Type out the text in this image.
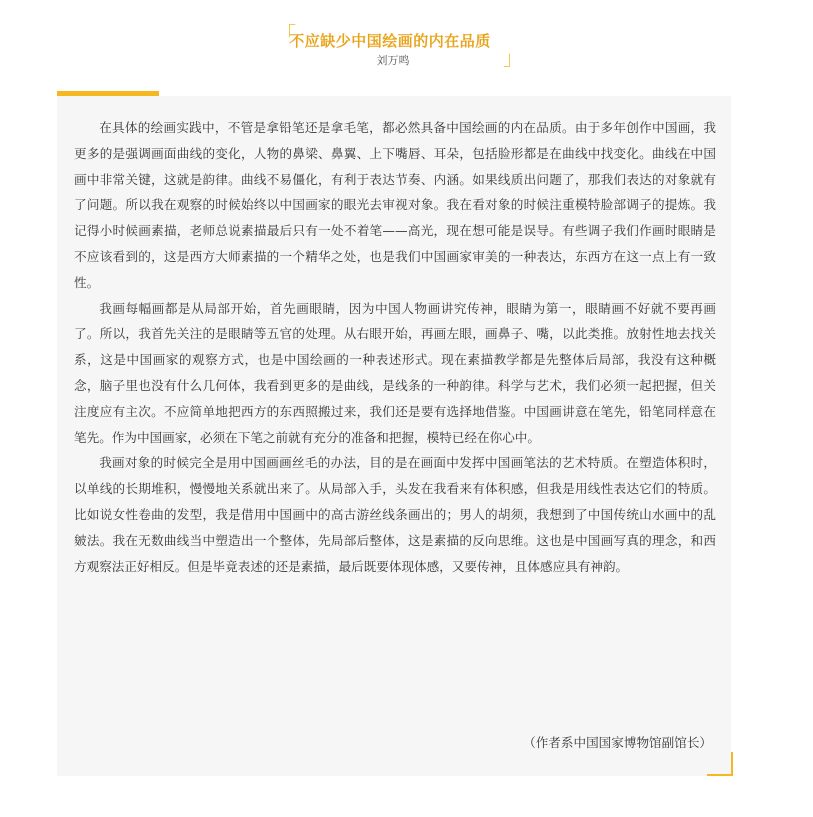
「
不应缺少中国绘画的内在品质
刘万鸣	」

在具体的绘画实践中，不管是拿铅笔还是拿毛笔，都必然具备中国绘画的内在品质。由于多年创作中国画，我更多的是强调画面曲线的变化，人物的鼻梁、鼻翼、上下嘴唇、耳朵，包括脸形都是在曲线中找变化。曲线在中国画中非常关键，这就是韵律。曲线不易僵化，有利于表达节奏、内涵。如果线质出问题了，那我们表达的对象就有了问题。所以我在观察的时候始终以中国画家的眼光去审视对象。我在看对象的时候注重模特脸部调子的提炼。我记得小时候画素描，老师总说素描最后只有一处不着笔——高光，现在想可能是误导。有些调子我们作画时眼睛是不应该看到的，这是西方大师素描的一个精华之处，也是我们中国画家审美的一种表达，东西方在这一点上有一致性。

我画每幅画都是从局部开始，首先画眼睛，因为中国人物画讲究传神，眼睛为第一，眼睛画不好就不要再画了。所以，我首先关注的是眼睛等五官的处理。从右眼开始，再画左眼，画鼻子、嘴，以此类推。放射性地去找关系，这是中国画家的观察方式，也是中国绘画的一种表述形式。现在素描教学都是先整体后局部，我没有这种概念，脑子里也没有什么几何体，我看到更多的是曲线，是线条的一种韵律。科学与艺术，我们必须一起把握，但关注度应有主次。不应简单地把西方的东西照搬过来，我们还是要有选择地借鉴。中国画讲意在笔先，铅笔同样意在笔先。作为中国画家，必须在下笔之前就有充分的准备和把握，模特已经在你心中。

我画对象的时候完全是用中国画画丝毛的办法，目的是在画面中发挥中国画笔法的艺术特质。在塑造体积时，以单线的长期堆积，慢慢地关系就出来了。从局部入手，头发在我看来有体积感，但我是用线性表达它们的特质。比如说女性卷曲的发型，我是借用中国画中的高古游丝线条画出的；男人的胡须，我想到了中国传统山水画中的乱皴法。我在无数曲线当中塑造出一个整体，先局部后整体，这是素描的反向思维。这也是中国画写真的理念，和西方观察法正好相反。但是毕竟表述的还是素描，最后既要体现体感，又要传神，且体感应具有神韵。

（作者系中国国家博物馆副馆长）
